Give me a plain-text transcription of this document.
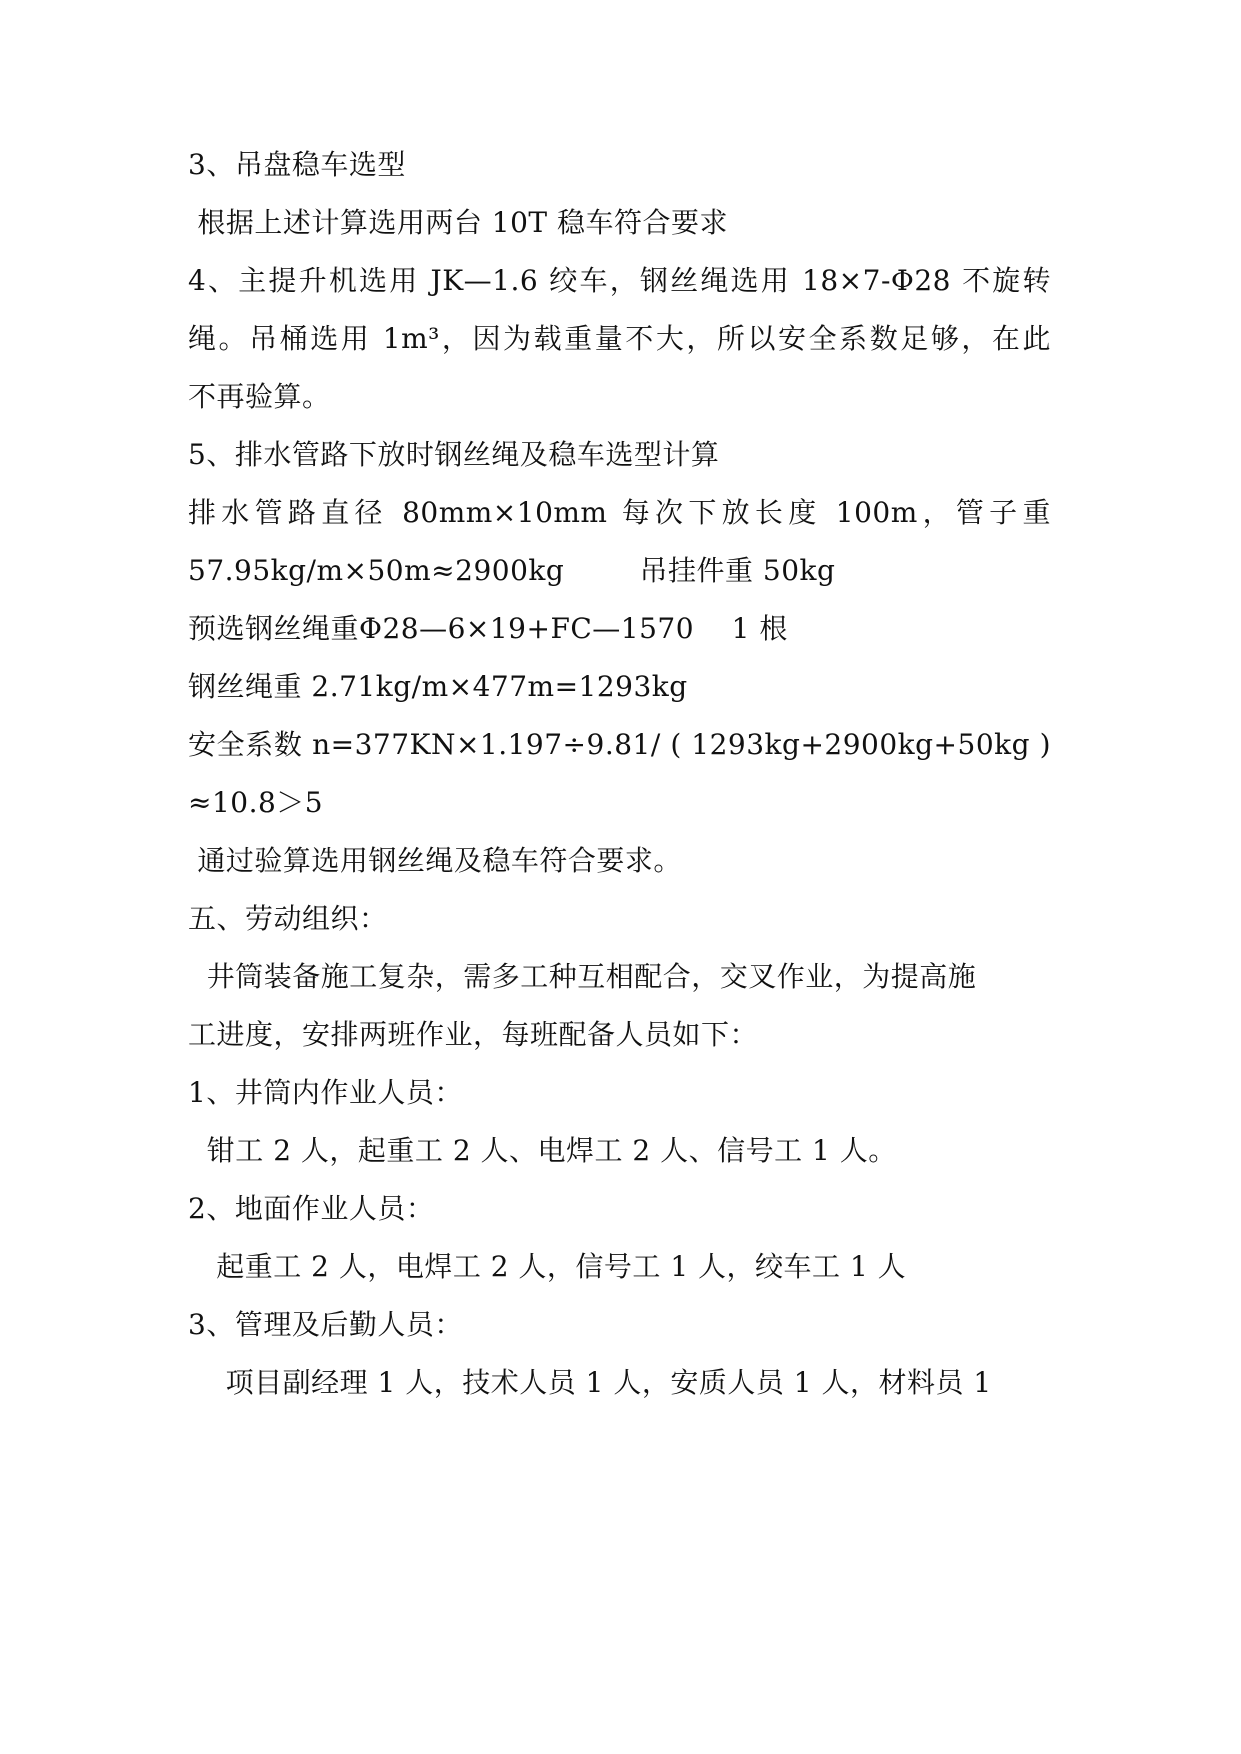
3、吊盘稳车选型
根据上述计算选用两台 10T 稳车符合要求
4、主提升机选用 JK—1.6 绞车，钢丝绳选用 18×7-Φ28 不旋转
绳。吊桶选用 1m³，因为载重量不大，所以安全系数足够，在此
不再验算。
5、排水管路下放时钢丝绳及稳车选型计算
排水管路直径 80mm×10mm 每次下放长度 100m，管子重
57.95kg/m×50m≈2900kg        吊挂件重 50kg
预选钢丝绳重Φ28—6×19+FC—1570    1 根
钢丝绳重 2.71kg/m×477m=1293kg
安全系数 n=377KN×1.197÷9.81/ ( 1293kg+2900kg+50kg )
≈10.8＞5
通过验算选用钢丝绳及稳车符合要求。
五、劳动组织：
井筒装备施工复杂，需多工种互相配合，交叉作业，为提高施
工进度，安排两班作业，每班配备人员如下：
1、井筒内作业人员：
钳工 2 人，起重工 2 人、电焊工 2 人、信号工 1 人。
2、地面作业人员：
起重工 2 人，电焊工 2 人，信号工 1 人，绞车工 1 人
3、管理及后勤人员：
项目副经理 1 人，技术人员 1 人，安质人员 1 人，材料员 1
